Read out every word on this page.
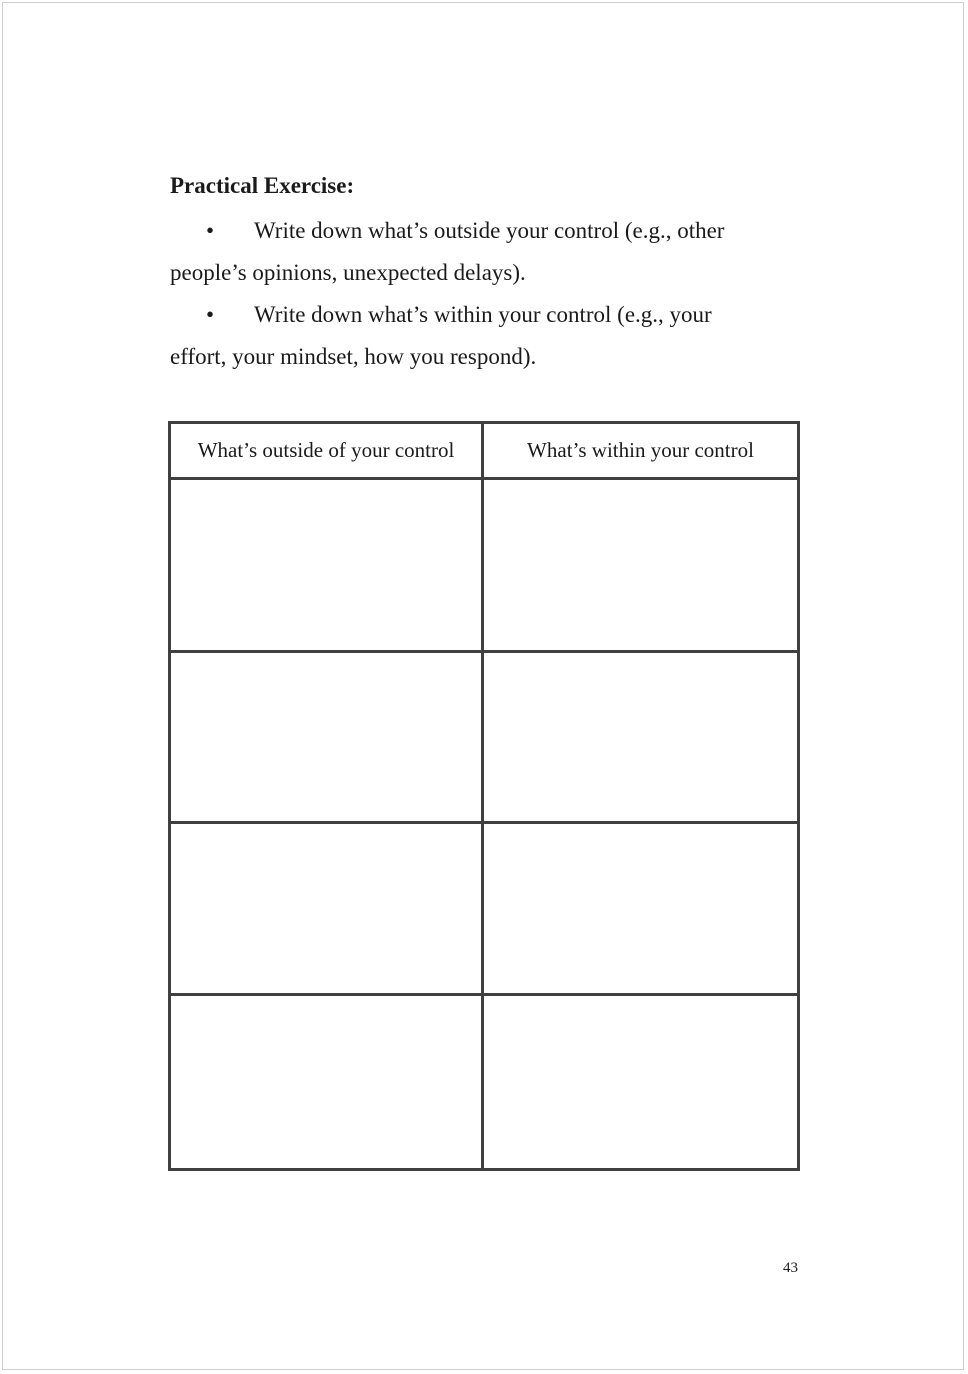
Practical Exercise:

• Write down what’s outside your control (e.g., other
people’s opinions, unexpected delays).

• Write down what’s within your control (e.g., your
effort, your mindset, how you respond).

What’s outside of your control	What’s within your control
43
